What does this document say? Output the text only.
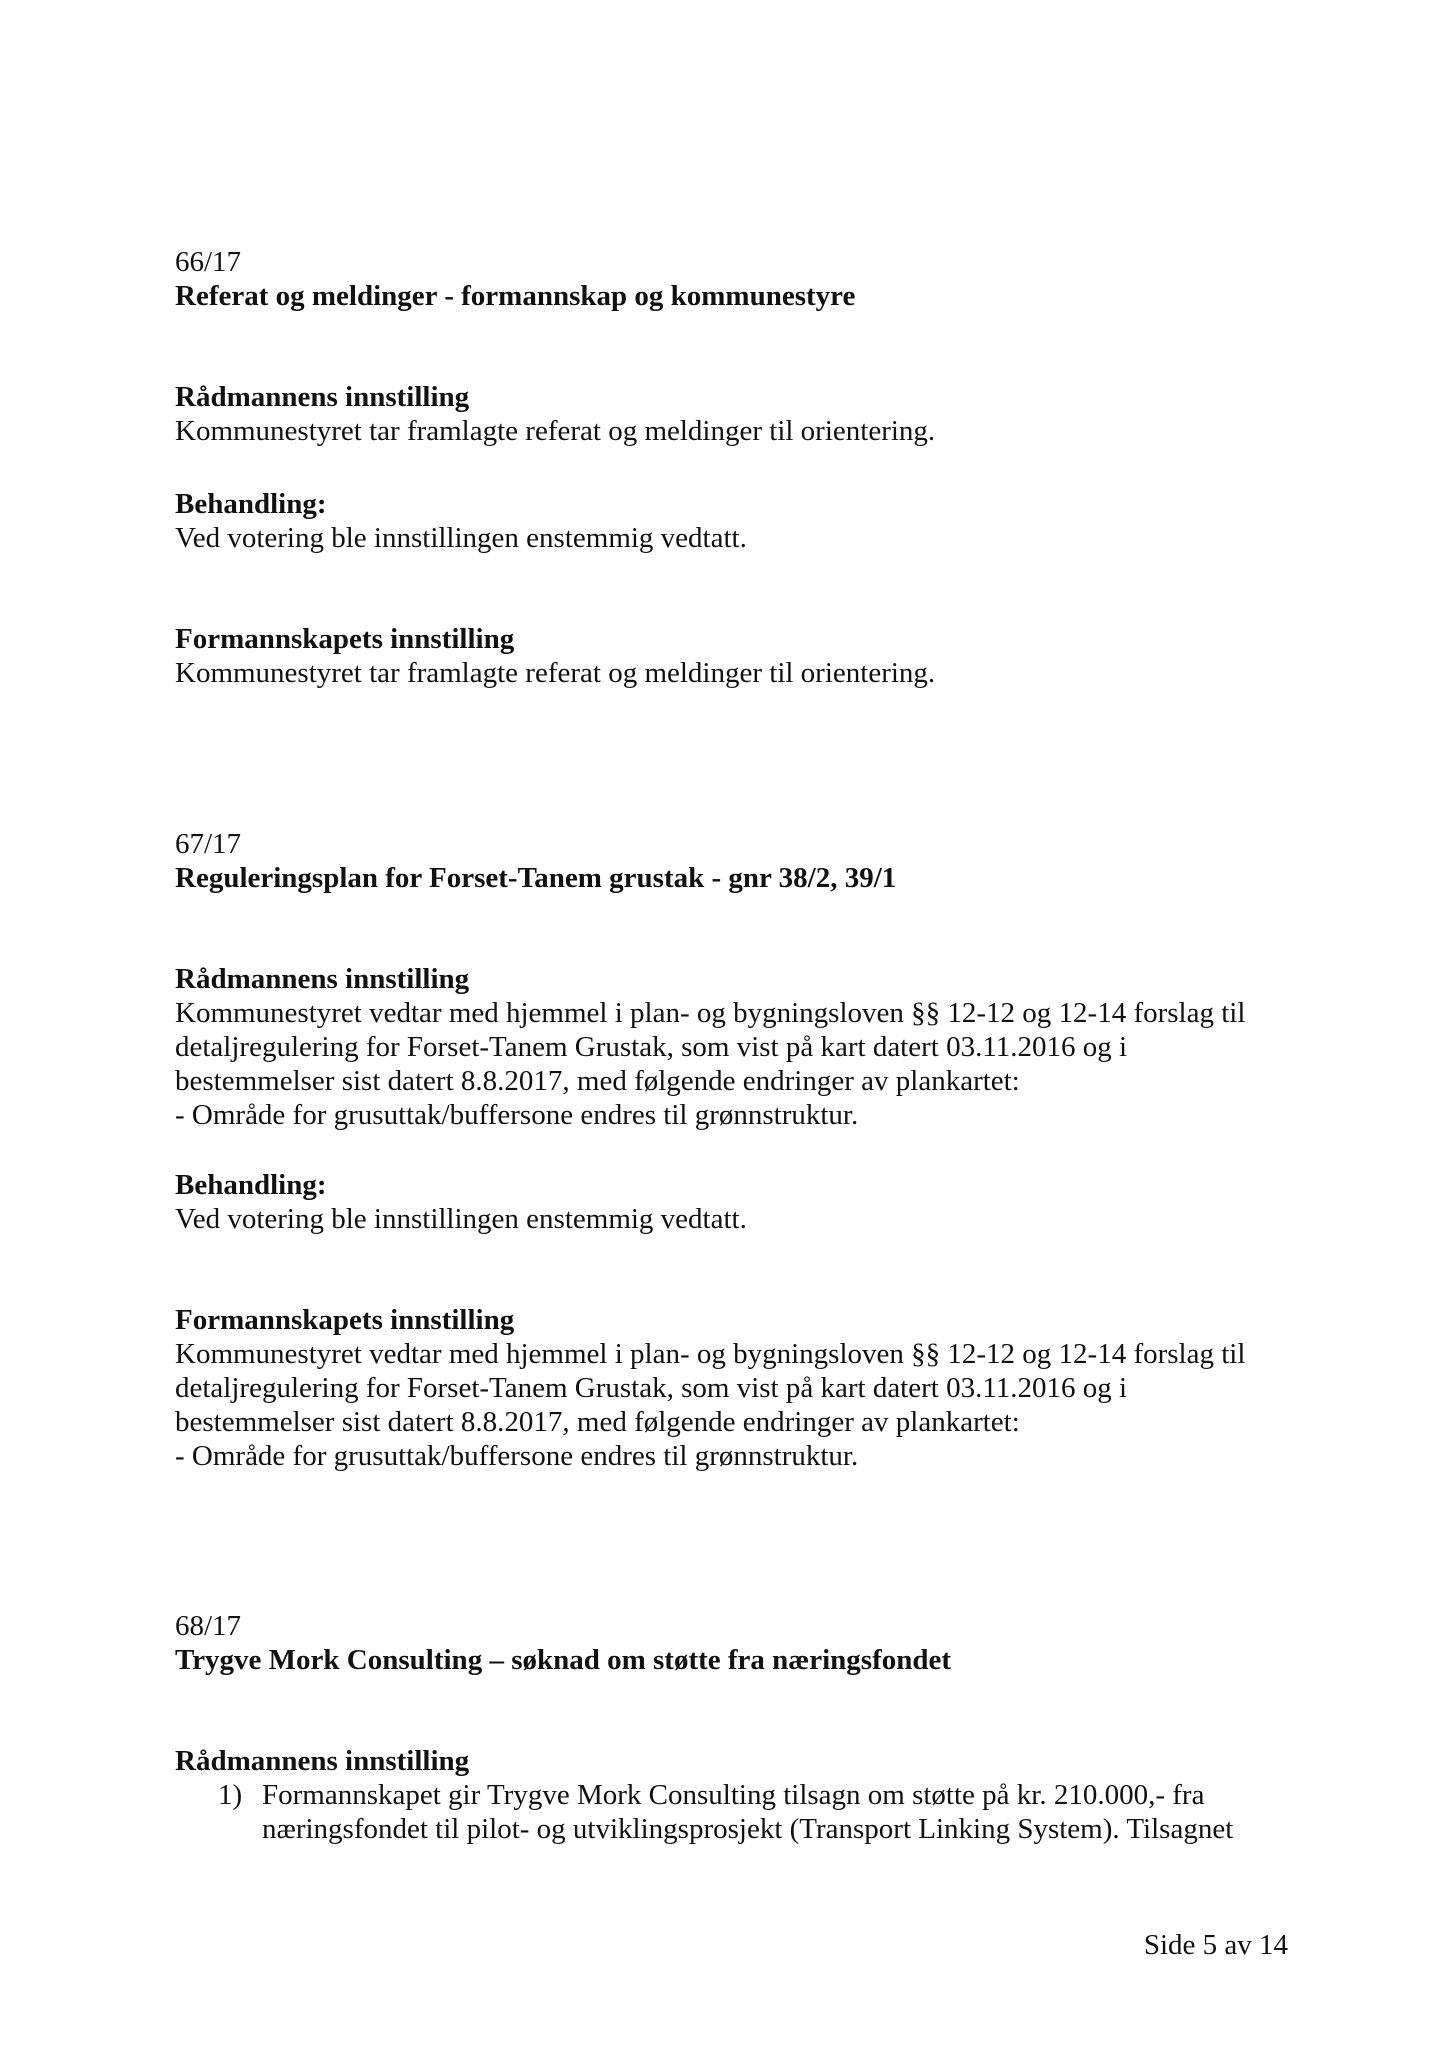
66/17

Referat og meldinger - formannskap og kommunestyre

Rådmannens innstilling

Kommunestyret tar framlagte referat og meldinger til orientering.

Behandling:

Ved votering ble innstillingen enstemmig vedtatt.

Formannskapets innstilling

Kommunestyret tar framlagte referat og meldinger til orientering.

67/17

Reguleringsplan for Forset-Tanem grustak - gnr 38/2, 39/1

Rådmannens innstilling

Kommunestyret vedtar med hjemmel i plan- og bygningsloven §§ 12-12 og 12-14 forslag til

detaljregulering for Forset-Tanem Grustak, som vist på kart datert 03.11.2016 og i

bestemmelser sist datert 8.8.2017, med følgende endringer av plankartet:

- Område for grusuttak/buffersone endres til grønnstruktur.

Behandling:

Ved votering ble innstillingen enstemmig vedtatt.

Formannskapets innstilling

Kommunestyret vedtar med hjemmel i plan- og bygningsloven §§ 12-12 og 12-14 forslag til

detaljregulering for Forset-Tanem Grustak, som vist på kart datert 03.11.2016 og i

bestemmelser sist datert 8.8.2017, med følgende endringer av plankartet:

- Område for grusuttak/buffersone endres til grønnstruktur.

68/17

Trygve Mork Consulting – søknad om støtte fra næringsfondet

Rådmannens innstilling

1) Formannskapet gir Trygve Mork Consulting tilsagn om støtte på kr. 210.000,- fra
næringsfondet til pilot- og utviklingsprosjekt (Transport Linking System). Tilsagnet
Side 5 av 14
